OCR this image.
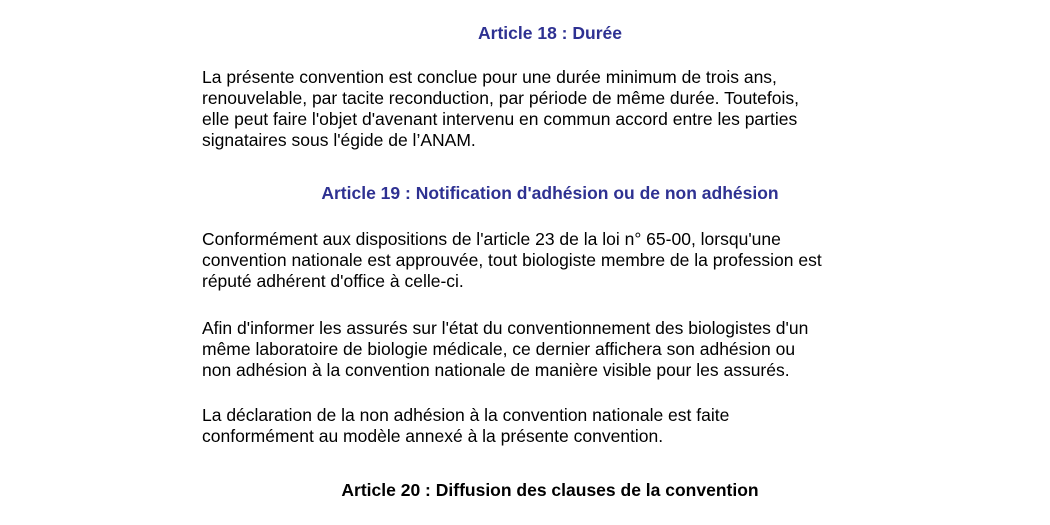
Article 18 : Durée

La présente convention est conclue pour une durée minimum de trois ans,
renouvelable, par tacite reconduction, par période de même durée. Toutefois,
elle peut faire l'objet d'avenant intervenu en commun accord entre les parties
signataires sous l'égide de l’ANAM.

Article 19 : Notification d'adhésion ou de non adhésion

Conformément aux dispositions de l'article 23 de la loi n° 65-00, lorsqu'une
convention nationale est approuvée, tout biologiste membre de la profession est
réputé adhérent d'office à celle-ci.

Afin d'informer les assurés sur l'état du conventionnement des biologistes d'un
même laboratoire de biologie médicale, ce dernier affichera son adhésion ou
non adhésion à la convention nationale de manière visible pour les assurés.

La déclaration de la non adhésion à la convention nationale est faite
conformément au modèle annexé à la présente convention.

Article 20 : Diffusion des clauses de la convention
